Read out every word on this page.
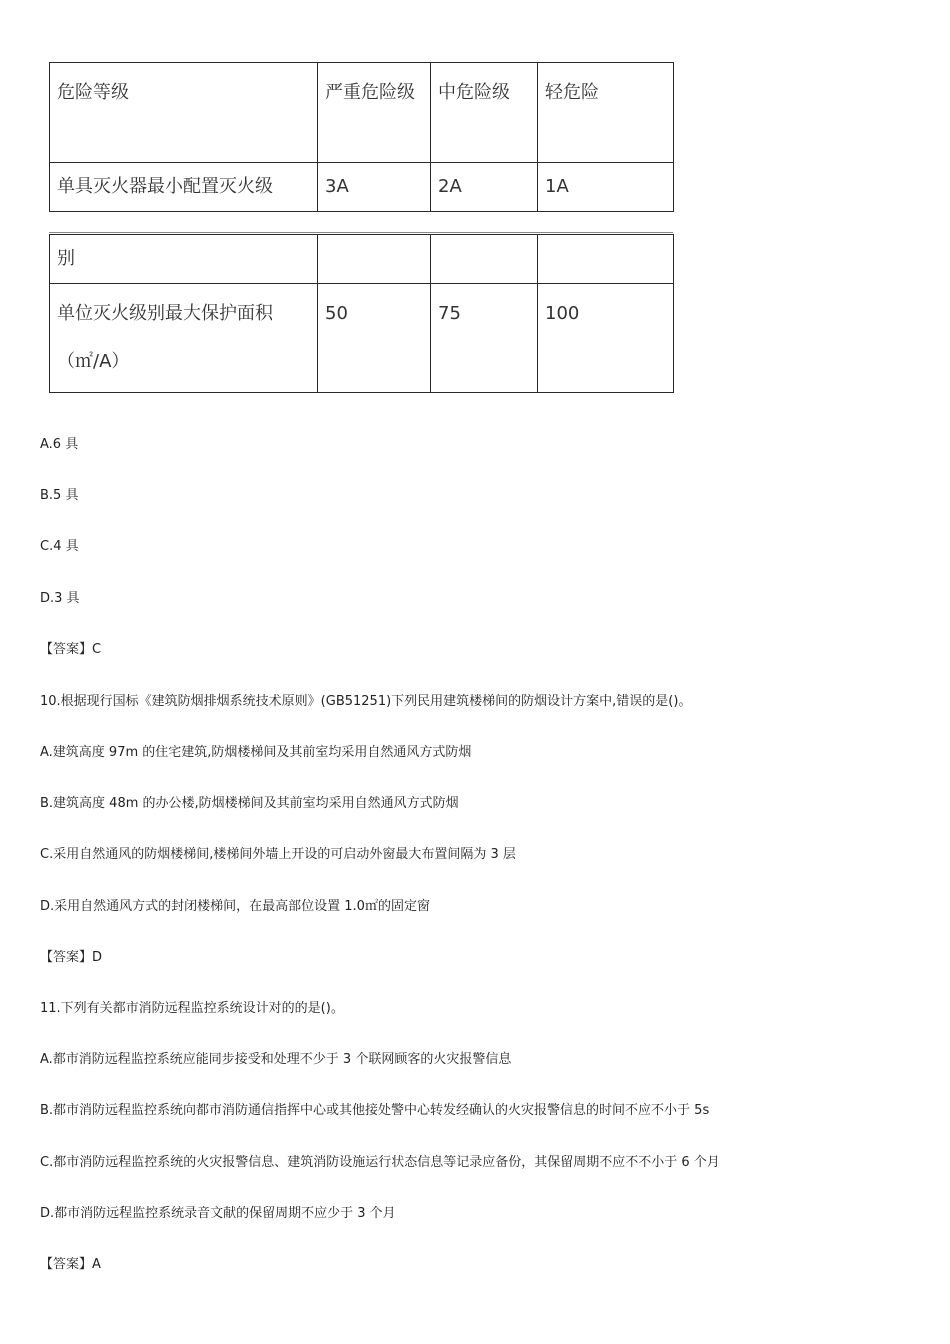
危险等级	严重危险级	中危险级	轻危险
单具灭火器最小配置灭火级	3A	2A	1A
别			
单位灭火级别最大保护面积（㎡/A）	50	75	100
A.6 具
B.5 具
C.4 具
D.3 具
【答案】C
10.根据现行国标《建筑防烟排烟系统技术原则》(GB51251)下列民用建筑楼梯间的防烟设计方案中,错误的是()。
A.建筑高度 97m 的住宅建筑,防烟楼梯间及其前室均采用自然通风方式防烟
B.建筑高度 48m 的办公楼,防烟楼梯间及其前室均采用自然通风方式防烟
C.采用自然通风的防烟楼梯间,楼梯间外墙上开设的可启动外窗最大布置间隔为 3 层
D.采用自然通风方式的封闭楼梯间，在最高部位设置 1.0㎡的固定窗
【答案】D
11.下列有关都市消防远程监控系统设计对的的是()。
A.都市消防远程监控系统应能同步接受和处理不少于 3 个联网顾客的火灾报警信息
B.都市消防远程监控系统向都市消防通信指挥中心或其他接处警中心转发经确认的火灾报警信息的时间不应不小于 5s
C.都市消防远程监控系统的火灾报警信息、建筑消防设施运行状态信息等记录应备份，其保留周期不应不不小于 6 个月
D.都市消防远程监控系统录音文献的保留周期不应少于 3 个月
【答案】A
